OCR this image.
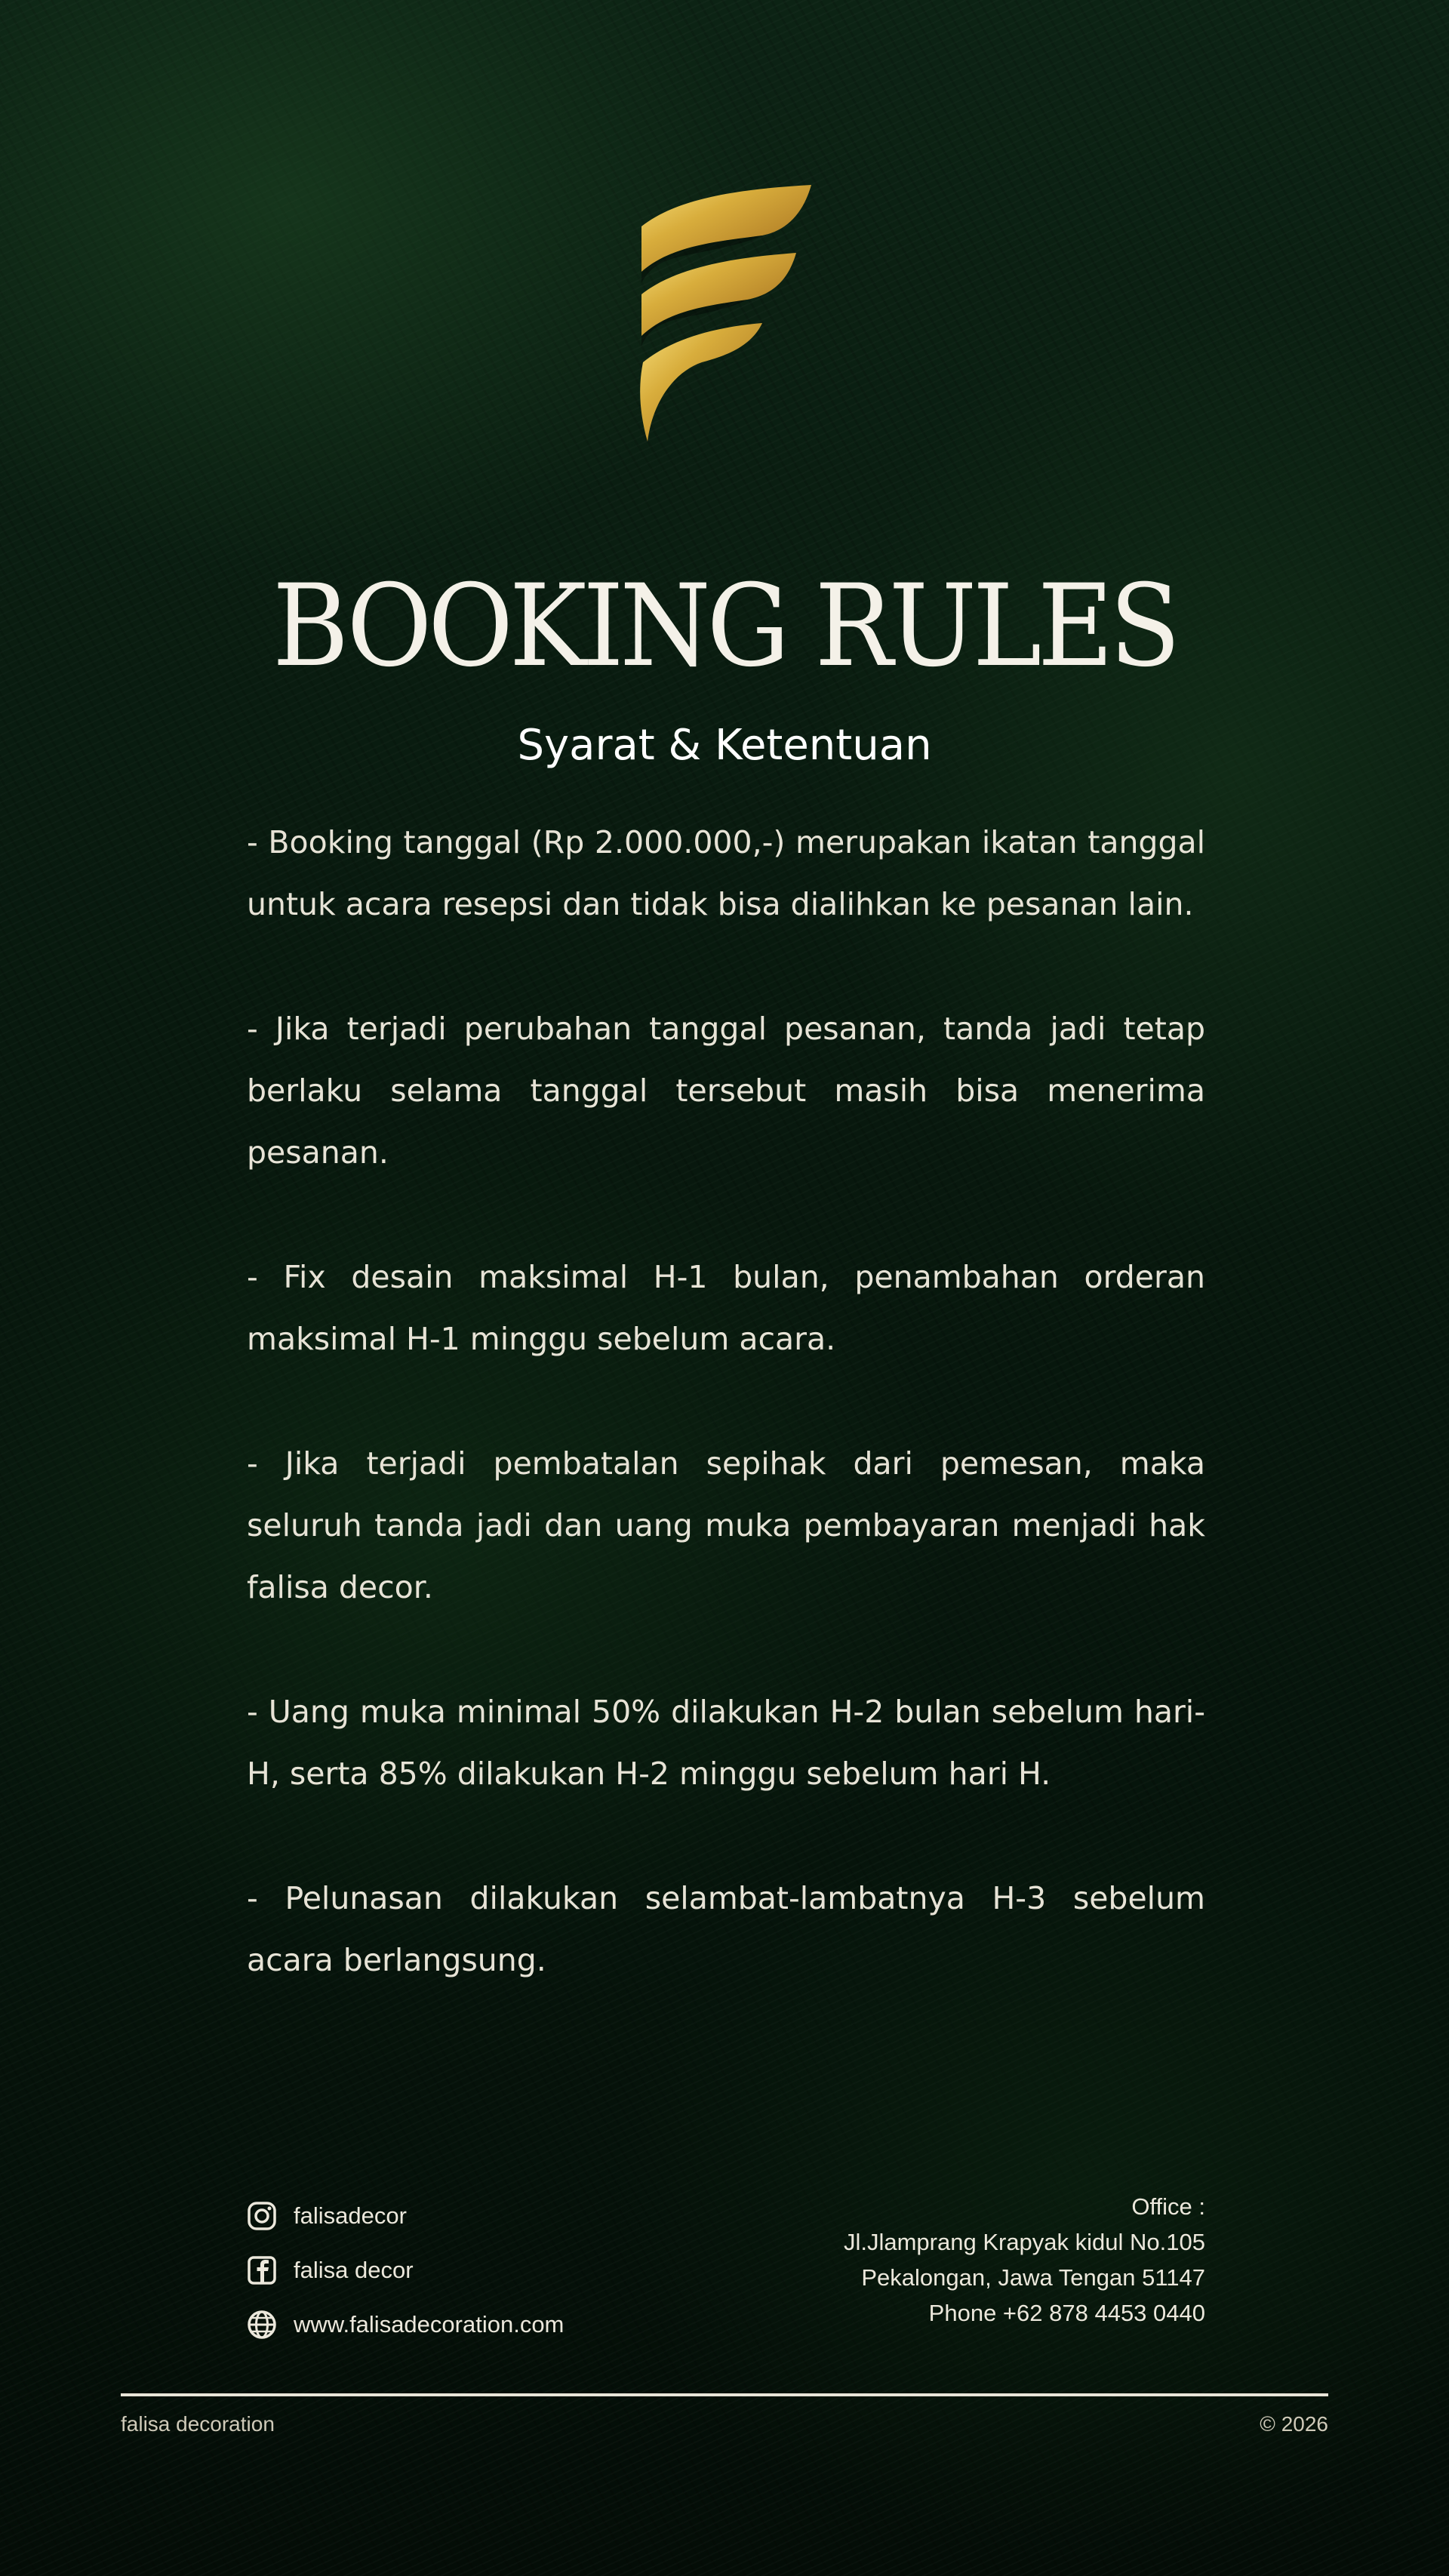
BOOKING RULES
Syarat & Ketentuan
- Booking tanggal (Rp 2.000.000,-) merupakan ikatan tanggal untuk acara resepsi dan tidak bisa dialihkan ke pesanan lain.
- Jika terjadi perubahan tanggal pesanan, tanda jadi tetap berlaku selama tanggal tersebut masih bisa menerima pesanan.
- Fix desain maksimal H-1 bulan, penambahan orderan maksimal H-1 minggu sebelum acara.
- Jika terjadi pembatalan sepihak dari pemesan, maka seluruh tanda jadi dan uang muka pembayaran menjadi hak falisa decor.
- Uang muka minimal 50% dilakukan H-2 bulan sebelum hari-H, serta 85% dilakukan H-2 minggu sebelum hari H.
- Pelunasan dilakukan selambat-lambatnya H-3 sebelum acara berlangsung.
falisadecor
falisa decor
www.falisadecoration.com
Office :
Jl.Jlamprang Krapyak kidul No.105
Pekalongan, Jawa Tengan 51147
Phone +62 878 4453 0440
falisa decoration	© 2026
